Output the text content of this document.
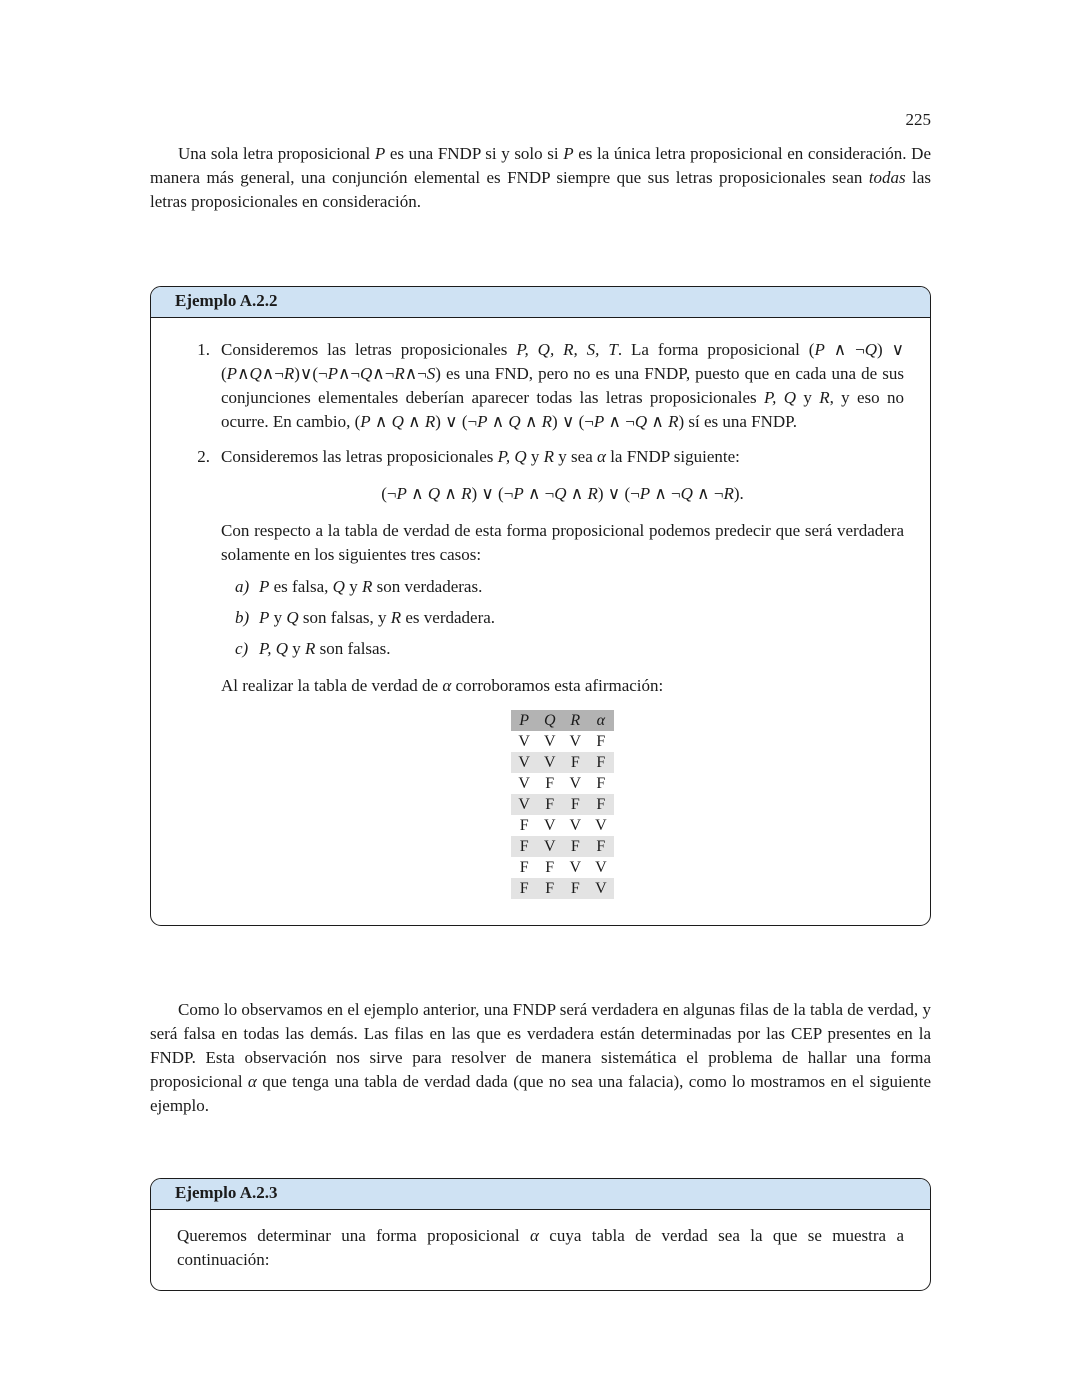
225

Una sola letra proposicional P es una FNDP si y solo si P es la única letra proposicional en consideración. De manera más general, una conjunción elemental es FNDP siempre que sus letras proposicionales sean todas las letras proposicionales en consideración.

Ejemplo A.2.2
1. Consideremos las letras proposicionales P, Q, R, S, T. La forma proposicional (P ∧ ¬Q) ∨ (P∧Q∧¬R)∨(¬P∧¬Q∧¬R∧¬S) es una FND, pero no es una FNDP, puesto que en cada una de sus conjunciones elementales deberían aparecer todas las letras proposicionales P, Q y R, y eso no ocurre. En cambio, (P ∧ Q ∧ R) ∨ (¬P ∧ Q ∧ R) ∨ (¬P ∧ ¬Q ∧ R) sí es una FNDP.

2. Consideremos las letras proposicionales P, Q y R y sea α la FNDP siguiente:

(¬P ∧ Q ∧ R) ∨ (¬P ∧ ¬Q ∧ R) ∨ (¬P ∧ ¬Q ∧ ¬R).

Con respecto a la tabla de verdad de esta forma proposicional podemos predecir que será verdadera solamente en los siguientes tres casos:

a) P es falsa, Q y R son verdaderas.
b) P y Q son falsas, y R es verdadera.
c) P, Q y R son falsas.

Al realizar la tabla de verdad de α corroboramos esta afirmación:

P	Q	R	α
V	V	V	F
V	V	F	F
V	F	V	F
V	F	F	F
F	V	V	V
F	V	F	F
F	F	V	V
F	F	F	V

Como lo observamos en el ejemplo anterior, una FNDP será verdadera en algunas filas de la tabla de verdad, y será falsa en todas las demás. Las filas en las que es verdadera están determinadas por las CEP presentes en la FNDP. Esta observación nos sirve para resolver de manera sistemática el problema de hallar una forma proposicional α que tenga una tabla de verdad dada (que no sea una falacia), como lo mostramos en el siguiente ejemplo.

Ejemplo A.2.3

Queremos determinar una forma proposicional α cuya tabla de verdad sea la que se muestra a continuación:
